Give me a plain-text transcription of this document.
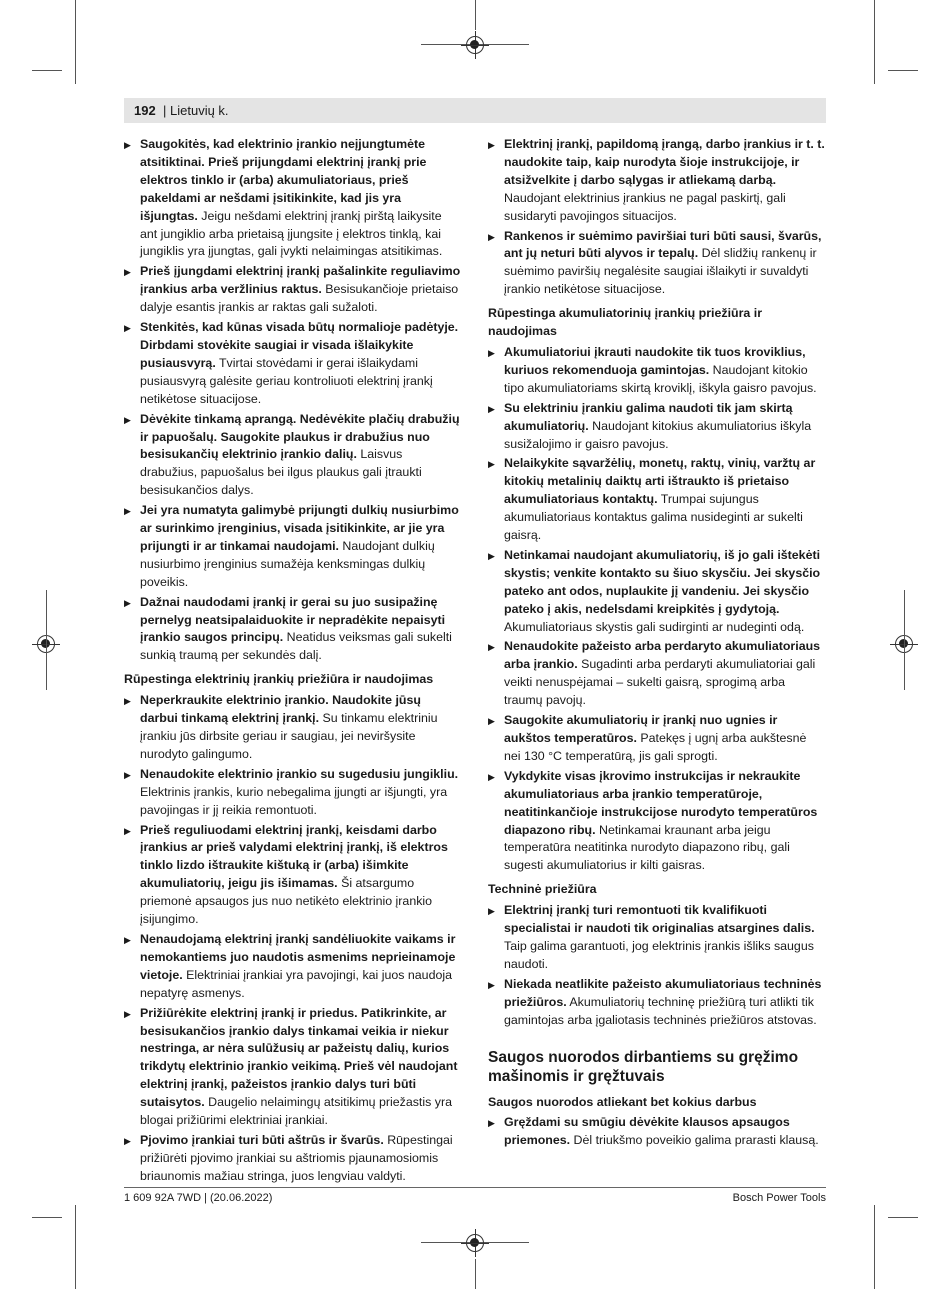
192 | Lietuvių k.
▶ Saugokitės, kad elektrinio įrankio neįjungtumėte atsitiktinai. Prieš prijungdami elektrinį įrankį prie elektros tinklo ir (arba) akumuliatoriaus, prieš pakeldami ar nešdami įsitikinkite, kad jis yra išjungtas. Jeigu nešdami elektrinį įrankį pirštą laikysite ant jungiklio arba prietaisą įjungsite į elektros tinklą, kai jungiklis yra įjungtas, gali įvykti nelaimingas atsitikimas.
▶ Prieš įjungdami elektrinį įrankį pašalinkite reguliavimo įrankius arba veržlinius raktus. Besisukančioje prietaiso dalyje esantis įrankis ar raktas gali sužaloti.
▶ Stenkitės, kad kūnas visada būtų normalioje padėtyje. Dirbdami stovėkite saugiai ir visada išlaikykite pusiausvyrą. Tvirtai stovėdami ir gerai išlaikydami pusiausvyrą galėsite geriau kontroliuoti elektrinį įrankį netikėtose situacijose.
▶ Dėvėkite tinkamą aprangą. Nedėvėkite plačių drabužių ir papuošalų. Saugokite plaukus ir drabužius nuo besisukančių elektrinio įrankio dalių. Laisvus drabužius, papuošalus bei ilgus plaukus gali įtraukti besisukančios dalys.
▶ Jei yra numatyta galimybė prijungti dulkių nusiurbimo ar surinkimo įrenginius, visada įsitikinkite, ar jie yra prijungti ir ar tinkamai naudojami. Naudojant dulkių nusiurbimo įrenginius sumažėja kenksmingas dulkių poveikis.
▶ Dažnai naudodami įrankį ir gerai su juo susipažinę pernelyg neatsipalaiduokite ir nepradėkite nepaisyti įrankio saugos principų. Neatidus veiksmas gali sukelti sunkią traumą per sekundės dalį.
Rūpestinga elektrinių įrankių priežiūra ir naudojimas
▶ Neperkraukite elektrinio įrankio. Naudokite jūsų darbui tinkamą elektrinį įrankį. Su tinkamu elektriniu įrankiu jūs dirbsite geriau ir saugiau, jei neviršysite nurodyto galingumo.
▶ Nenaudokite elektrinio įrankio su sugedusiu jungikliu. Elektrinis įrankis, kurio nebegalima įjungti ar išjungti, yra pavojingas ir jį reikia remontuoti.
▶ Prieš reguliuodami elektrinį įrankį, keisdami darbo įrankius ar prieš valydami elektrinį įrankį, iš elektros tinklo lizdo ištraukite kištuką ir (arba) išimkite akumuliatorių, jeigu jis išimamas. Ši atsargumo priemonė apsaugos jus nuo netikėto elektrinio įrankio įsijungimo.
▶ Nenaudojamą elektrinį įrankį sandėliuokite vaikams ir nemokantiems juo naudotis asmenims neprieinamoje vietoje. Elektriniai įrankiai yra pavojingi, kai juos naudoja nepatyrę asmenys.
▶ Prižiūrėkite elektrinį įrankį ir priedus. Patikrinkite, ar besisukančios įrankio dalys tinkamai veikia ir niekur nestringa, ar nėra sulūžusių ar pažeistų dalių, kurios trikdytų elektrinio įrankio veikimą. Prieš vėl naudojant elektrinį įrankį, pažeistos įrankio dalys turi būti sutaisytos. Daugelio nelaimingų atsitikimų priežastis yra blogai prižiūrimi elektriniai įrankiai.
▶ Pjovimo įrankiai turi būti aštrūs ir švarūs. Rūpestingai prižiūrėti pjovimo įrankiai su aštriomis pjaunamosiomis briaunomis mažiau stringa, juos lengviau valdyti.
▶ Elektrinį įrankį, papildomą įrangą, darbo įrankius ir t. t. naudokite taip, kaip nurodyta šioje instrukcijoje, ir atsižvelkite į darbo sąlygas ir atliekamą darbą. Naudojant elektrinius įrankius ne pagal paskirtį, gali susidaryti pavojingos situacijos.
▶ Rankenos ir suėmimo paviršiai turi būti sausi, švarūs, ant jų neturi būti alyvos ir tepalų. Dėl slidžių rankenų ir suėmimo paviršių negalėsite saugiai išlaikyti ir suvaldyti įrankio netikėtose situacijose.
Rūpestinga akumuliatorinių įrankių priežiūra ir naudojimas
▶ Akumuliatoriui įkrauti naudokite tik tuos kroviklius, kuriuos rekomenduoja gamintojas. Naudojant kitokio tipo akumuliatoriams skirtą kroviklį, iškyla gaisro pavojus.
▶ Su elektriniu įrankiu galima naudoti tik jam skirtą akumuliatorių. Naudojant kitokius akumuliatorius iškyla susižalojimo ir gaisro pavojus.
▶ Nelaikykite sąvaržėlių, monetų, raktų, vinių, varžtų ar kitokių metalinių daiktų arti ištraukto iš prietaiso akumuliatoriaus kontaktų. Trumpai sujungus akumuliatoriaus kontaktus galima nusideginti ar sukelti gaisrą.
▶ Netinkamai naudojant akumuliatorių, iš jo gali ištekėti skystis; venkite kontakto su šiuo skysčiu. Jei skysčio pateko ant odos, nuplaukite jį vandeniu. Jei skysčio pateko į akis, nedelsdami kreipkitės į gydytoją. Akumuliatoriaus skystis gali sudirginti ar nudeginti odą.
▶ Nenaudokite pažeisto arba perdaryto akumuliatoriaus arba įrankio. Sugadinti arba perdaryti akumuliatoriai gali veikti nenuspėjamai – sukelti gaisrą, sprogimą arba traumų pavojų.
▶ Saugokite akumuliatorių ir įrankį nuo ugnies ir aukštos temperatūros. Patekęs į ugnį arba aukštesnė nei 130 °C temperatūrą, jis gali sprogti.
▶ Vykdykite visas įkrovimo instrukcijas ir nekraukite akumuliatoriaus arba įrankio temperatūroje, neatitinkančioje instrukcijose nurodyto temperatūros diapazono ribų. Netinkamai kraunant arba jeigu temperatūra neatitinka nurodyto diapazono ribų, gali sugesti akumuliatorius ir kilti gaisras.
Techninė priežiūra
▶ Elektrinį įrankį turi remontuoti tik kvalifikuoti specialistai ir naudoti tik originalias atsargines dalis. Taip galima garantuoti, jog elektrinis įrankis išliks saugus naudoti.
▶ Niekada neatlikite pažeisto akumuliatoriaus techninės priežiūros. Akumuliatorių techninę priežiūrą turi atlikti tik gamintojas arba įgaliotasis techninės priežiūros atstovas.
Saugos nuorodos dirbantiems su gręžimo mašinomis ir gręžtuvais
Saugos nuorodos atliekant bet kokius darbus
▶ Gręždami su smūgiu dėvėkite klausos apsaugos priemones. Dėl triukšmo poveikio galima prarasti klausą.
1 609 92A 7WD | (20.06.2022)	Bosch Power Tools
